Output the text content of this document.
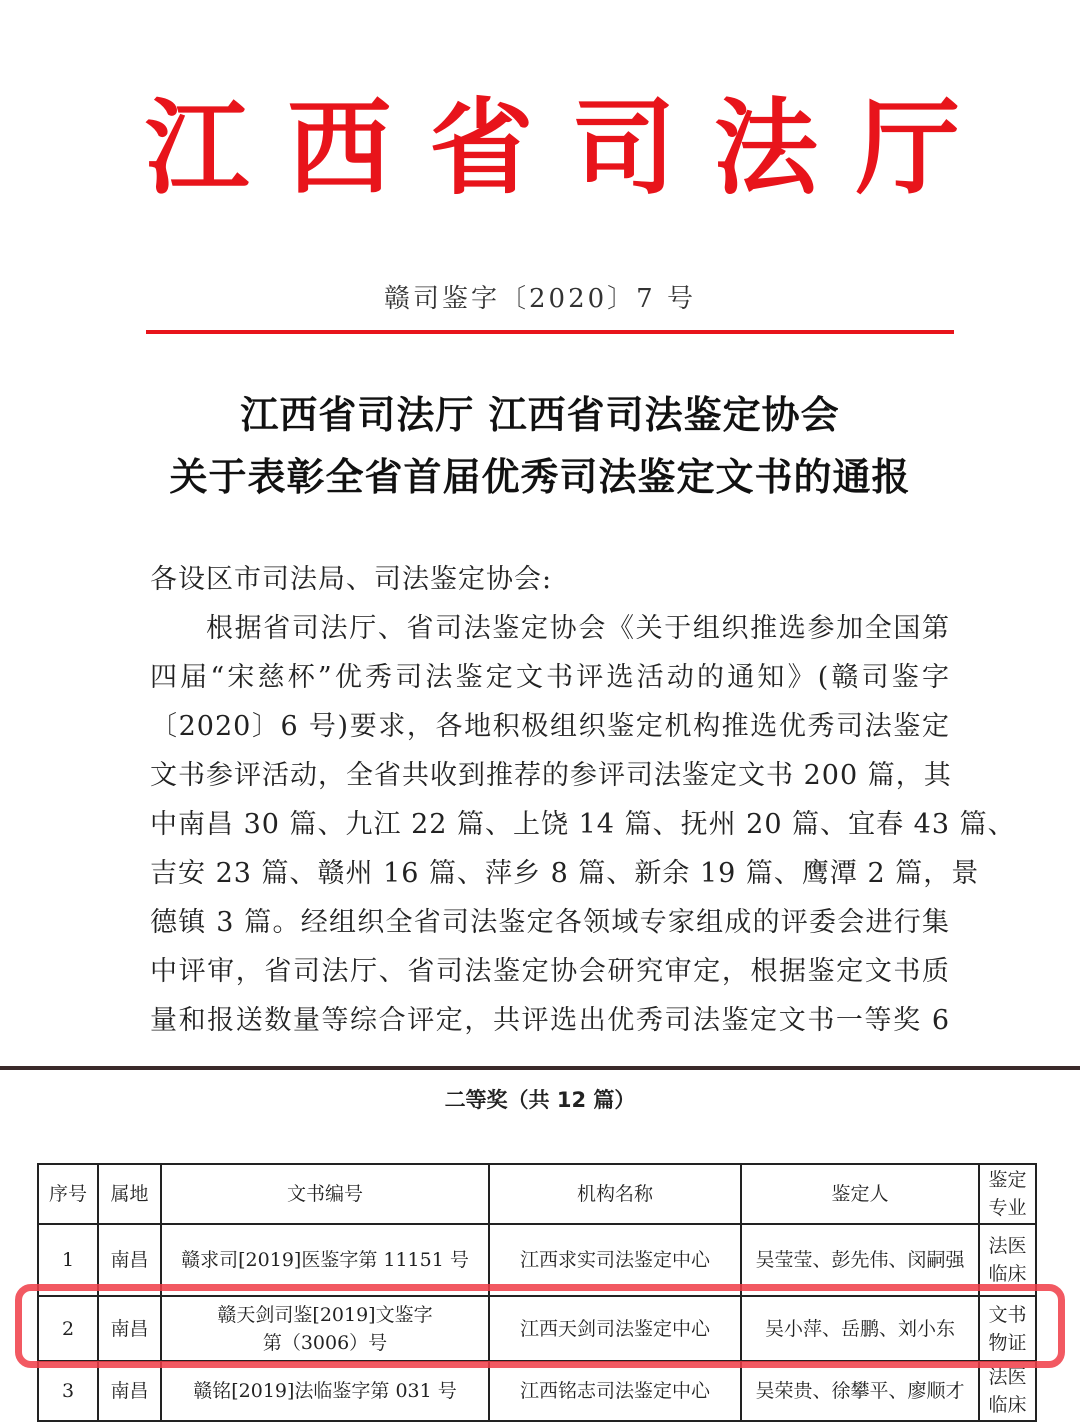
江 西 省 司 法 厅
赣司鉴字〔2020〕7 号
江西省司法厅 江西省司法鉴定协会
关于表彰全省首届优秀司法鉴定文书的通报
各设区市司法局、司法鉴定协会:
根据省司法厅、省司法鉴定协会《关于组织推选参加全国第
四届“宋慈杯”优秀司法鉴定文书评选活动的通知》(赣司鉴字
〔2020〕6 号)要求，各地积极组织鉴定机构推选优秀司法鉴定
文书参评活动，全省共收到推荐的参评司法鉴定文书 200 篇，其
中南昌 30 篇、九江 22 篇、上饶 14 篇、抚州 20 篇、宜春 43 篇、
吉安 23 篇、赣州 16 篇、萍乡 8 篇、新余 19 篇、鹰潭 2 篇，景
德镇 3 篇。经组织全省司法鉴定各领域专家组成的评委会进行集
中评审，省司法厅、省司法鉴定协会研究审定，根据鉴定文书质
量和报送数量等综合评定，共评选出优秀司法鉴定文书一等奖 6
二等奖（共 12 篇）
序号	属地	文书编号	机构名称	鉴定人	鉴定专业
1	南昌	赣求司[2019]医鉴字第 11151 号	江西求实司法鉴定中心	吴莹莹、彭先伟、闵嗣强	法医临床
2	南昌	赣天剑司鉴[2019]文鉴字第（3006）号	江西天剑司法鉴定中心	吴小萍、岳鹏、刘小东	文书物证
3	南昌	赣铭[2019]法临鉴字第 031 号	江西铭志司法鉴定中心	吴荣贵、徐攀平、廖顺才	法医临床
